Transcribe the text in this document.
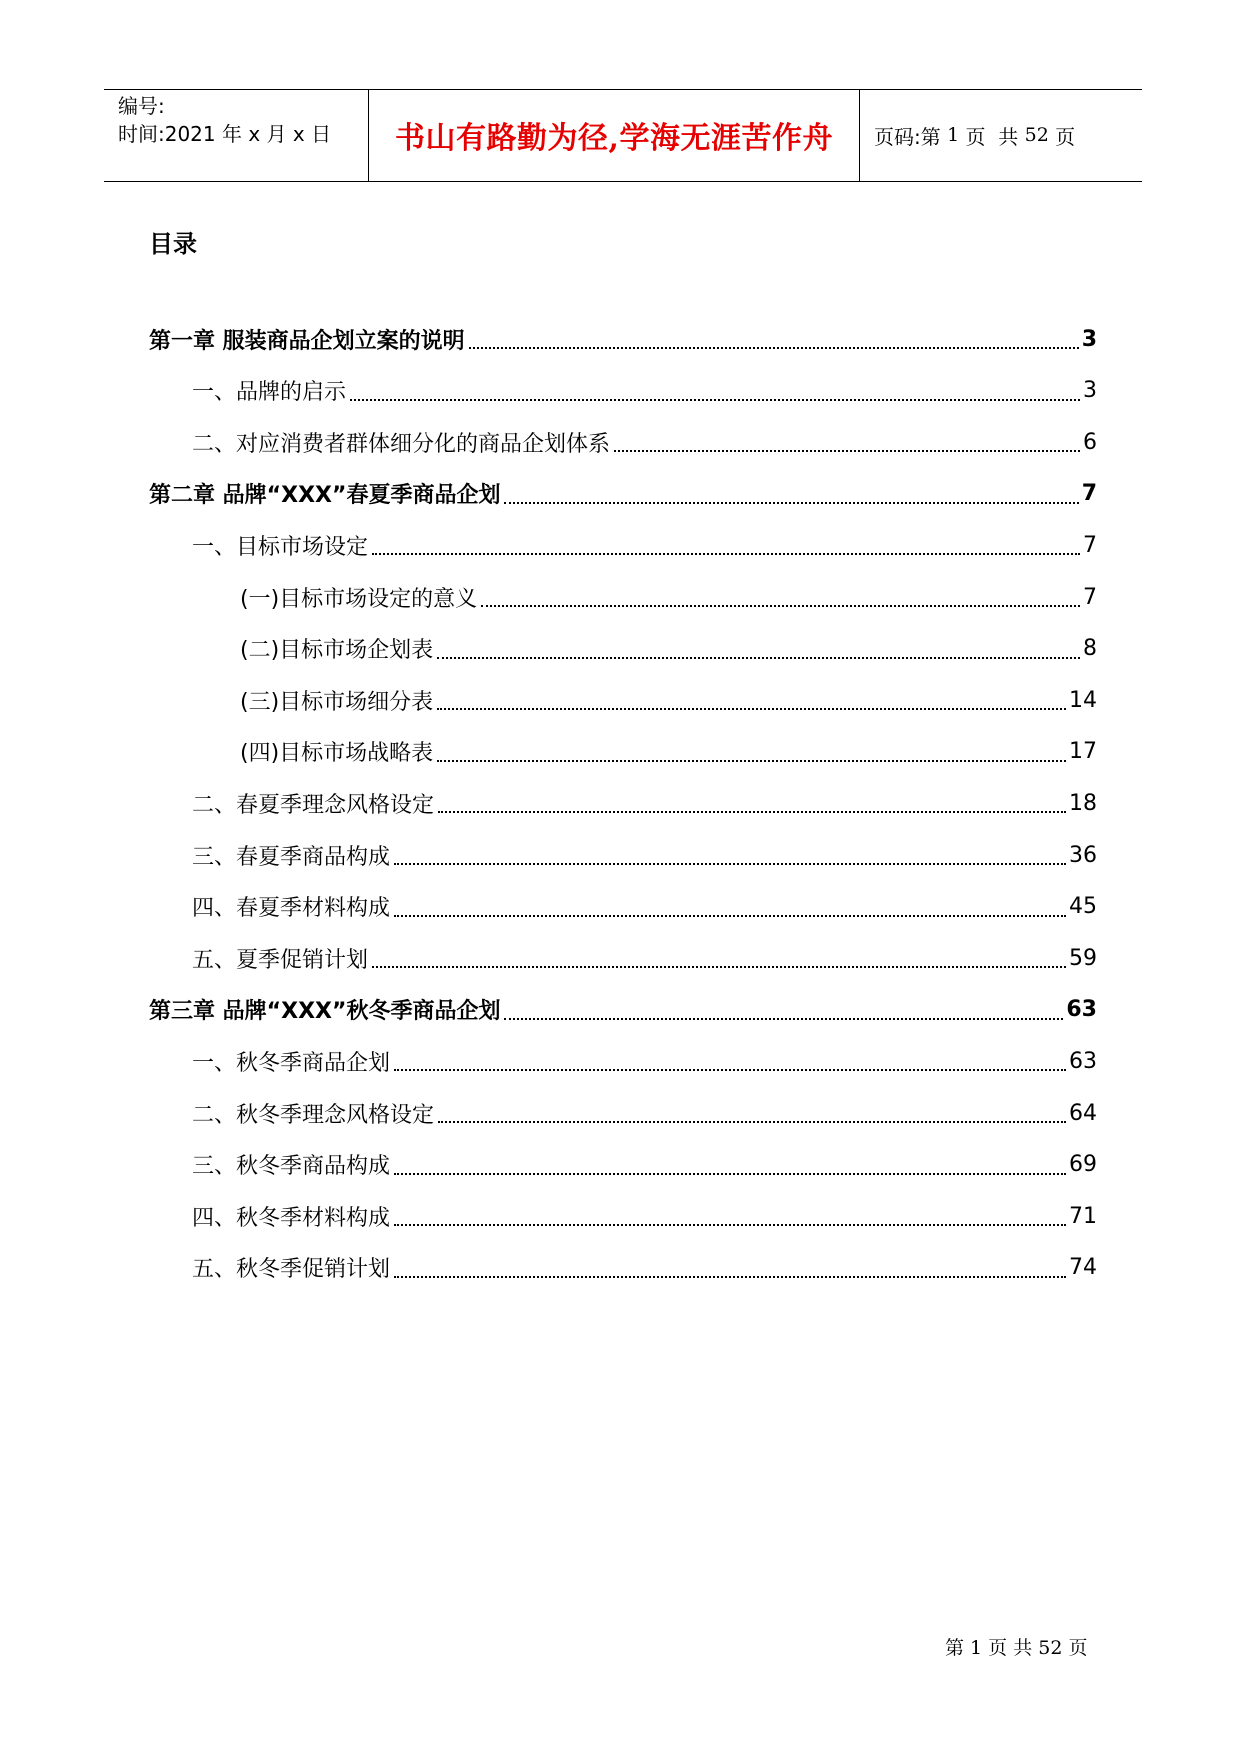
编号:
时间:2021 年 x 月 x 日	书山有路勤为径,学海无涯苦作舟	页码:第 1 页  共 52 页
目录
第一章 服装商品企划立案的说明	3
一、品牌的启示	3
二、对应消费者群体细分化的商品企划体系	6
第二章 品牌“XXX”春夏季商品企划	7
一、目标市场设定	7
(一)目标市场设定的意义	7
(二)目标市场企划表	8
(三)目标市场细分表	14
(四)目标市场战略表	17
二、春夏季理念风格设定	18
三、春夏季商品构成	36
四、春夏季材料构成	45
五、夏季促销计划	59
第三章 品牌“XXX”秋冬季商品企划	63
一、秋冬季商品企划	63
二、秋冬季理念风格设定	64
三、秋冬季商品构成	69
四、秋冬季材料构成	71
五、秋冬季促销计划	74
第 1 页 共 52 页
